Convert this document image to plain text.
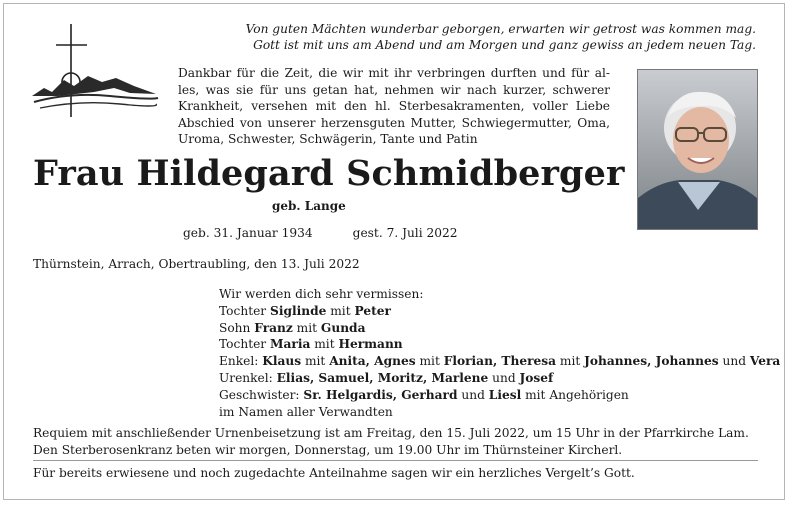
Von guten Mächten wunderbar geborgen, erwarten wir getrost was kommen mag.
Gott ist mit uns am Abend und am Morgen und ganz gewiss an jedem neuen Tag.
Dankbar für die Zeit, die wir mit ihr verbringen durften und für al-les, was sie für uns getan hat, nehmen wir nach kurzer, schwerer Krankheit, versehen mit den hl. Sterbesakramenten, voller Liebe Abschied von unserer herzensguten Mutter, Schwiegermutter, Oma, Uroma, Schwester, Schwägerin, Tante und Patin
Frau Hildegard Schmidberger
geb. Lange
geb. 31. Januar 1934	gest. 7. Juli 2022
Thürnstein, Arrach, Obertraubling, den 13. Juli 2022
Wir werden dich sehr vermissen:
Tochter Siglinde mit Peter
Sohn Franz mit Gunda
Tochter Maria mit Hermann
Enkel: Klaus mit Anita, Agnes mit Florian, Theresa mit Johannes, Johannes und Vera
Urenkel: Elias, Samuel, Moritz, Marlene und Josef
Geschwister: Sr. Helgardis, Gerhard und Liesl mit Angehörigen
im Namen aller Verwandten
Requiem mit anschließender Urnenbeisetzung ist am Freitag, den 15. Juli 2022, um 15 Uhr in der Pfarrkirche Lam.
Den Sterberosenkranz beten wir morgen, Donnerstag, um 19.00 Uhr im Thürnsteiner Kircherl.
Für bereits erwiesene und noch zugedachte Anteilnahme sagen wir ein herzliches Vergelt’s Gott.
